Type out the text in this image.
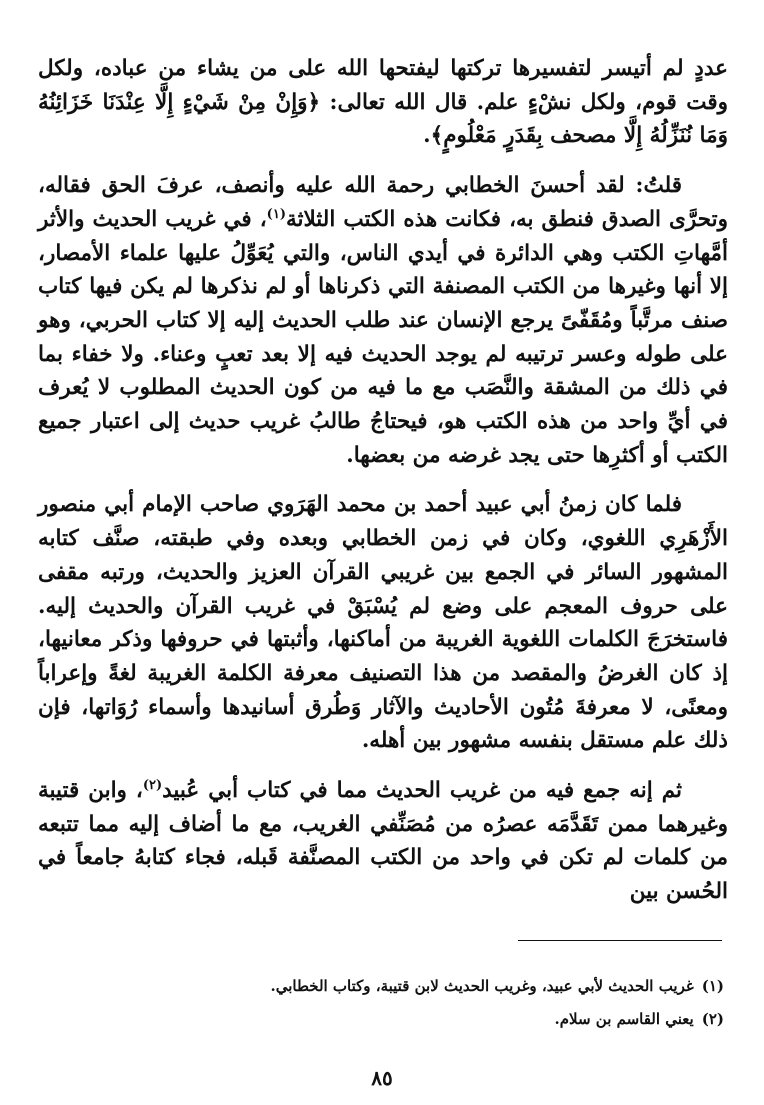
عددٍ لم أتيسر لتفسيرها تركتها ليفتحها الله على من يشاء من عباده، ولكل وقت قوم، ولكل نشْءٍ علم. قال الله تعالى: ﴿وَإِنْ مِنْ شَيْءٍ إِلَّا عِنْدَنَا خَزَائِنُهُ وَمَا نُنَزِّلُهُ إِلَّا مصحف بِقَدَرٍ مَعْلُومٍ﴾.

قلتُ: لقد أحسنَ الخطابي رحمة الله عليه وأنصف، عرفَ الحق فقاله، وتحرَّى الصدق فنطق به، فكانت هذه الكتب الثلاثة$^{(١)}$، في غريب الحديث والأثر أمَّهاتِ الكتب وهي الدائرة في أيدي الناس، والتي يُعَوِّلُ عليها علماء الأمصار، إلا أنها وغيرها من الكتب المصنفة التي ذكرناها أو لم نذكرها لم يكن فيها كتاب صنف مرتَّباً ومُقَفّىً يرجع الإنسان عند طلب الحديث إليه إلا كتاب الحربي، وهو على طوله وعسر ترتيبه لم يوجد الحديث فيه إلا بعد تعبٍ وعناء. ولا خفاء بما في ذلك من المشقة والنَّصَب مع ما فيه من كون الحديث المطلوب لا يُعرف في أيِّ واحد من هذه الكتب هو، فيحتاجُ طالبُ غريب حديث إلى اعتبار جميع الكتب أو أكثرِها حتى يجد غرضه من بعضها.

فلما كان زمنُ أبي عبيد أحمد بن محمد الهَرَوي صاحب الإمام أبي منصور الأَزْهَرِي اللغوي، وكان في زمن الخطابي وبعده وفي طبقته، صنَّف كتابه المشهور السائر في الجمع بين غريبي القرآن العزيز والحديث، ورتبه مقفى على حروف المعجم على وضع لم يُسْبَقْ في غريب القرآن والحديث إليه. فاستخرَجَ الكلمات اللغوية الغريبة من أماكنها، وأثبتها في حروفها وذكر معانيها، إذ كان الغرضُ والمقصد من هذا التصنيف معرفة الكلمة الغريبة لغةً وإعراباً ومعنًى، لا معرفةَ مُتُون الأحاديث والآثار وَطُرق أسانيدها وأسماء رُوَاتها، فإن ذلك علم مستقل بنفسه مشهور بين أهله.

ثم إنه جمع فيه من غريب الحديث مما في كتاب أبي عُبيد$^{(٢)}$، وابن قتيبة وغيرهما ممن تَقَدَّمَه عصرُه من مُصَنِّفي الغريب، مع ما أضاف إليه مما تتبعه من كلمات لم تكن في واحد من الكتب المصنَّفة قَبله، فجاء كتابهُ جامعاً في الحُسن بين

(١)غريب الحديث لأبي عبيد، وغريب الحديث لابن قتيبة، وكتاب الخطابي.
(٢)يعني القاسم بن سلام.
٨٥
